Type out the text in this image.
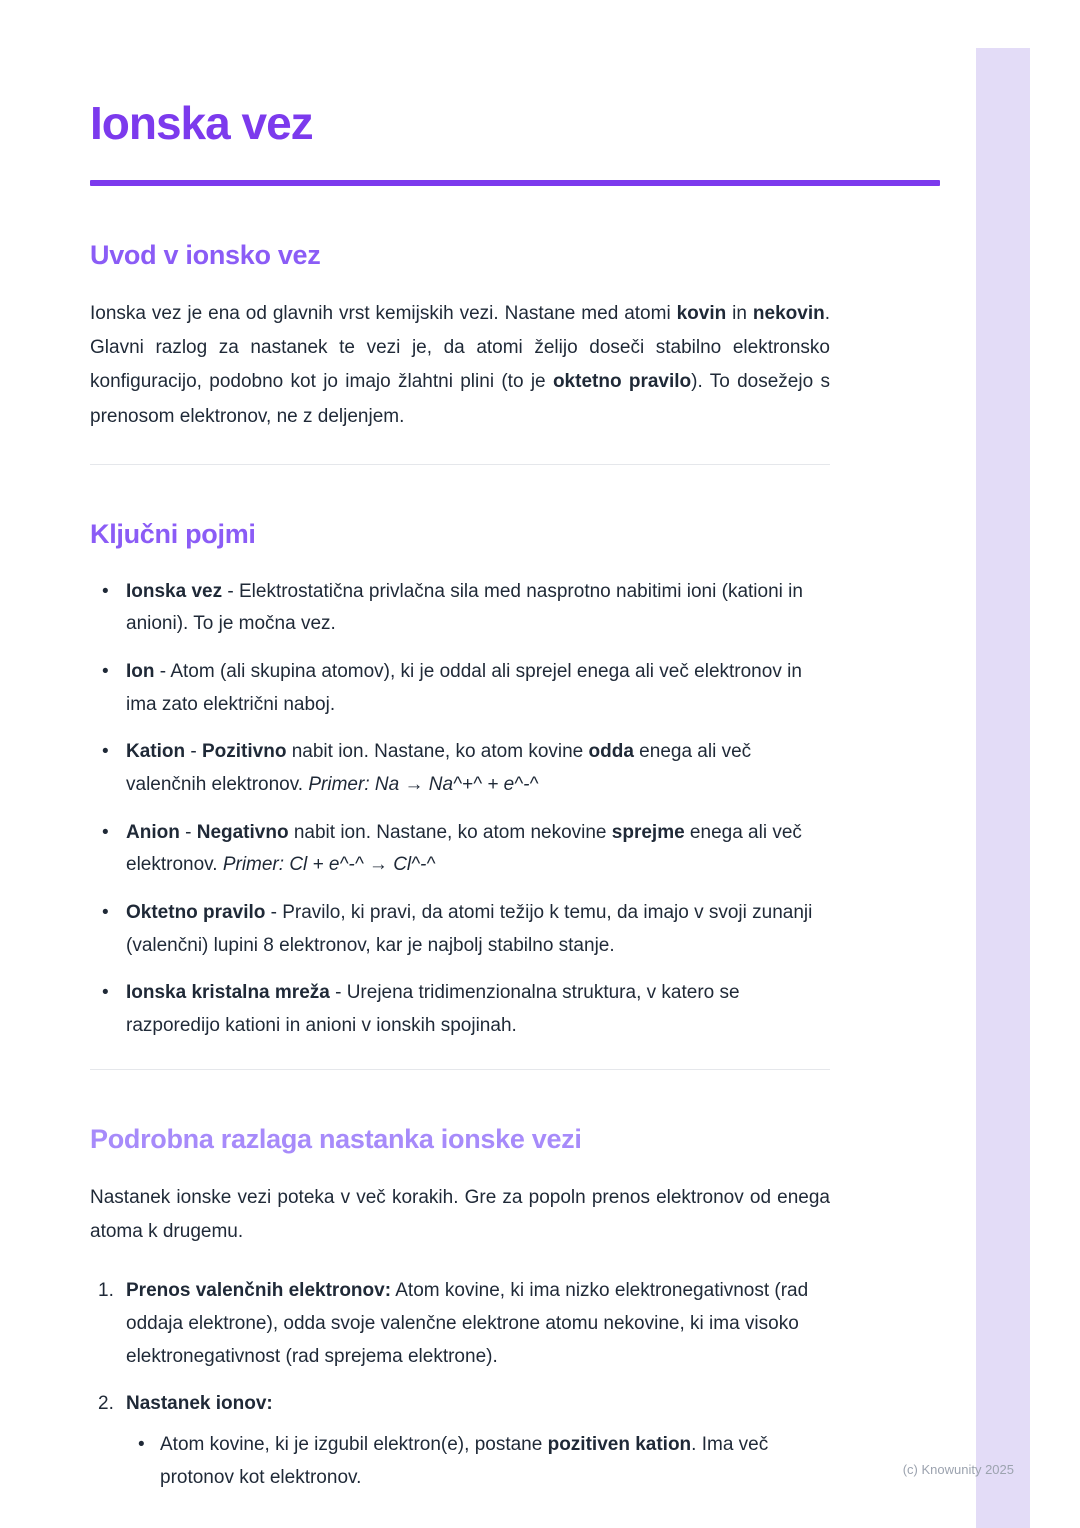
Ionska vez
Uvod v ionsko vez

Ionska vez je ena od glavnih vrst kemijskih vezi. Nastane med atomi kovin in nekovin. Glavni razlog za nastanek te vezi je, da atomi želijo doseči stabilno elektronsko konfiguracijo, podobno kot jo imajo žlahtni plini (to je oktetno pravilo). To dosežejo s prenosom elektronov, ne z deljenjem.

Ključni pojmi
• Ionska vez - Elektrostatična privlačna sila med nasprotno nabitimi ioni (kationi in anioni). To je močna vez.
• Ion - Atom (ali skupina atomov), ki je oddal ali sprejel enega ali več elektronov in ima zato električni naboj.
• Kation - Pozitivno nabit ion. Nastane, ko atom kovine odda enega ali več valenčnih elektronov. Primer: Na → Na^+^ + e^-^
• Anion - Negativno nabit ion. Nastane, ko atom nekovine sprejme enega ali več elektronov. Primer: Cl + e^-^ → Cl^-^
• Oktetno pravilo - Pravilo, ki pravi, da atomi težijo k temu, da imajo v svoji zunanji (valenčni) lupini 8 elektronov, kar je najbolj stabilno stanje.
• Ionska kristalna mreža - Urejena tridimenzionalna struktura, v katero se razporedijo kationi in anioni v ionskih spojinah.
Podrobna razlaga nastanka ionske vezi

Nastanek ionske vezi poteka v več korakih. Gre za popoln prenos elektronov od enega atoma k drugemu.

1. Prenos valenčnih elektronov: Atom kovine, ki ima nizko elektronegativnost (rad oddaja elektrone), odda svoje valenčne elektrone atomu nekovine, ki ima visoko elektronegativnost (rad sprejema elektrone).
2. Nastanek ionov:
• Atom kovine, ki je izgubil elektron(e), postane pozitiven kation. Ima več protonov kot elektronov.	(c) Knowunity 2025
